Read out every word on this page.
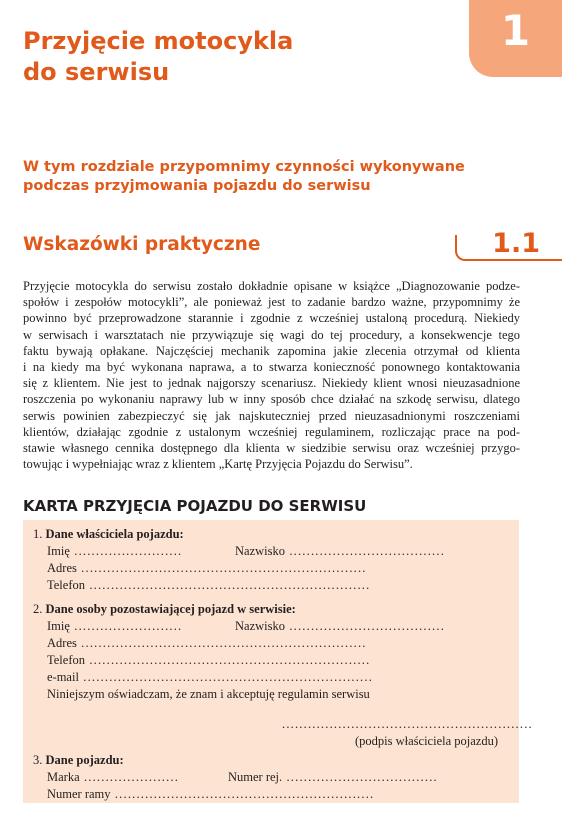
1
Przyjęcie motocykla
do serwisu
W tym rozdziale przypomnimy czynności wykonywane
podczas przyjmowania pojazdu do serwisu
Wskazówki praktyczne	1.1
Przyjęcie motocykla do serwisu zostało dokładnie opisane w książce „Diagnozowanie podze-
społów i zespołów motocykli”, ale ponieważ jest to zadanie bardzo ważne, przypomnimy że
powinno być przeprowadzone starannie i zgodnie z wcześniej ustaloną procedurą. Niekiedy
w serwisach i warsztatach nie przywiązuje się wagi do tej procedury, a konsekwencje tego
faktu bywają opłakane. Najczęściej mechanik zapomina jakie zlecenia otrzymał od klienta
i na kiedy ma być wykonana naprawa, a to stwarza konieczność ponownego kontaktowania
się z klientem. Nie jest to jednak najgorszy scenariusz. Niekiedy klient wnosi nieuzasadnione
roszczenia po wykonaniu naprawy lub w inny sposób chce działać na szkodę serwisu, dlatego
serwis powinien zabezpieczyć się jak najskuteczniej przed nieuzasadnionymi roszczeniami
klientów, działając zgodnie z ustalonym wcześniej regulaminem, rozliczając prace na pod-
stawie własnego cennika dostępnego dla klienta w siedzibie serwisu oraz wcześniej przygo-
towując i wypełniając wraz z klientem „Kartę Przyjęcia Pojazdu do Serwisu”.
KARTA PRZYJĘCIA POJAZDU DO SERWISU
1. Dane właściciela pojazdu:
Imię .........................	Nazwisko ....................................
Adres ..................................................................
Telefon .................................................................
2. Dane osoby pozostawiającej pojazd w serwisie:
Imię .........................	Nazwisko ....................................
Adres ..................................................................
Telefon .................................................................
e-mail ...................................................................
Niniejszym oświadczam, że znam i akceptuję regulamin serwisu
..........................................................
(podpis właściciela pojazdu)
3. Dane pojazdu:
Marka ......................	Numer rej. ...................................
Numer ramy ............................................................
